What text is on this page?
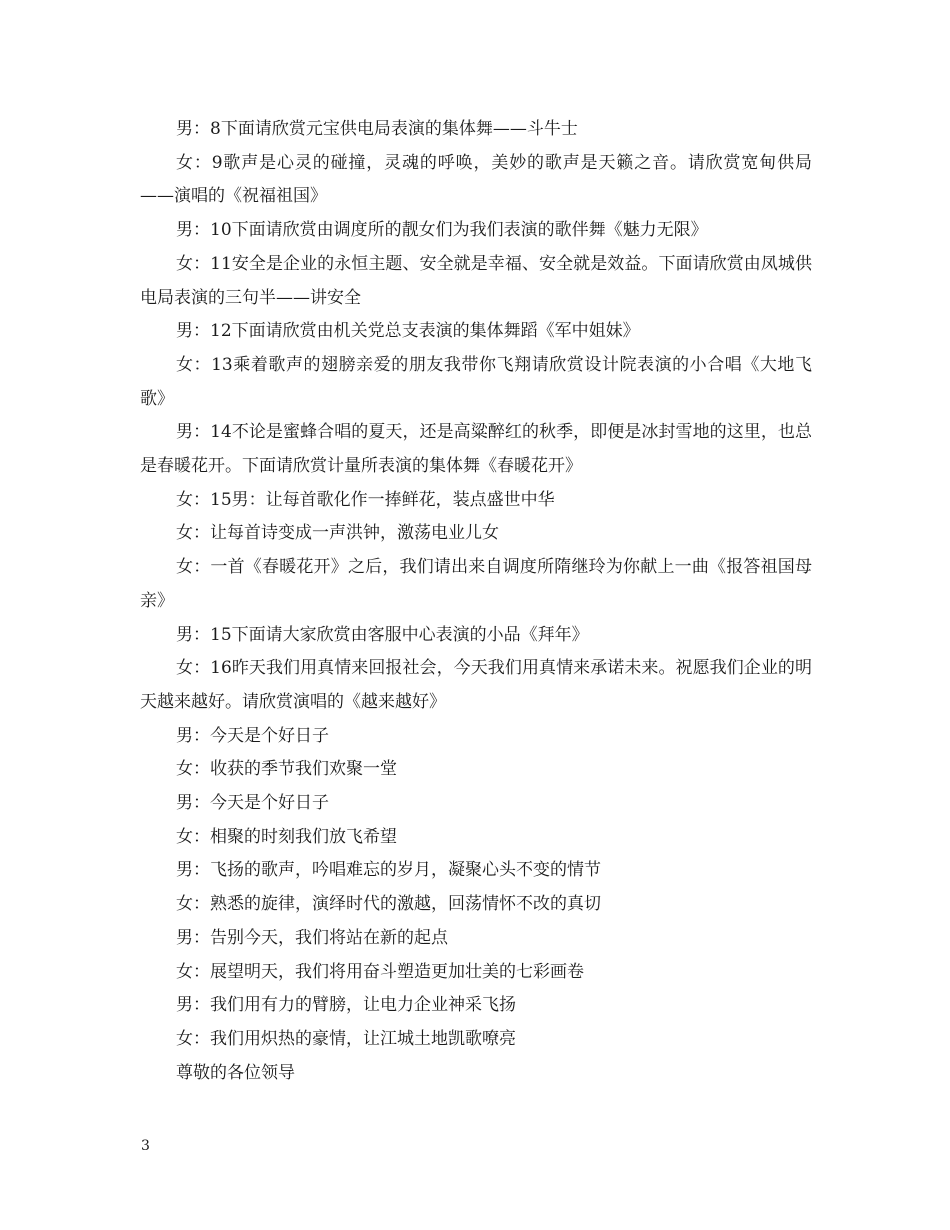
男：8下面请欣赏元宝供电局表演的集体舞——斗牛士

女：9歌声是心灵的碰撞，灵魂的呼唤，美妙的歌声是天籁之音。请欣赏宽甸供局——演唱的《祝福祖国》

男：10下面请欣赏由调度所的靓女们为我们表演的歌伴舞《魅力无限》

女：11安全是企业的永恒主题、安全就是幸福、安全就是效益。下面请欣赏由凤城供电局表演的三句半——讲安全

男：12下面请欣赏由机关党总支表演的集体舞蹈《军中姐妹》

女：13乘着歌声的翅膀亲爱的朋友我带你飞翔请欣赏设计院表演的小合唱《大地飞歌》

男：14不论是蜜蜂合唱的夏天，还是高粱醉红的秋季，即便是冰封雪地的这里，也总是春暖花开。下面请欣赏计量所表演的集体舞《春暖花开》

女：15男：让每首歌化作一捧鲜花，装点盛世中华

女：让每首诗变成一声洪钟，激荡电业儿女

女：一首《春暖花开》之后，我们请出来自调度所隋继玲为你献上一曲《报答祖国母亲》

男：15下面请大家欣赏由客服中心表演的小品《拜年》

女：16昨天我们用真情来回报社会，今天我们用真情来承诺未来。祝愿我们企业的明天越来越好。请欣赏演唱的《越来越好》

男：今天是个好日子

女：收获的季节我们欢聚一堂

男：今天是个好日子

女：相聚的时刻我们放飞希望

男：飞扬的歌声，吟唱难忘的岁月，凝聚心头不变的情节

女：熟悉的旋律，演绎时代的激越，回荡情怀不改的真切

男：告别今天，我们将站在新的起点

女：展望明天，我们将用奋斗塑造更加壮美的七彩画卷

男：我们用有力的臂膀，让电力企业神采飞扬

女：我们用炽热的豪情，让江城土地凯歌嘹亮

尊敬的各位领导

3
